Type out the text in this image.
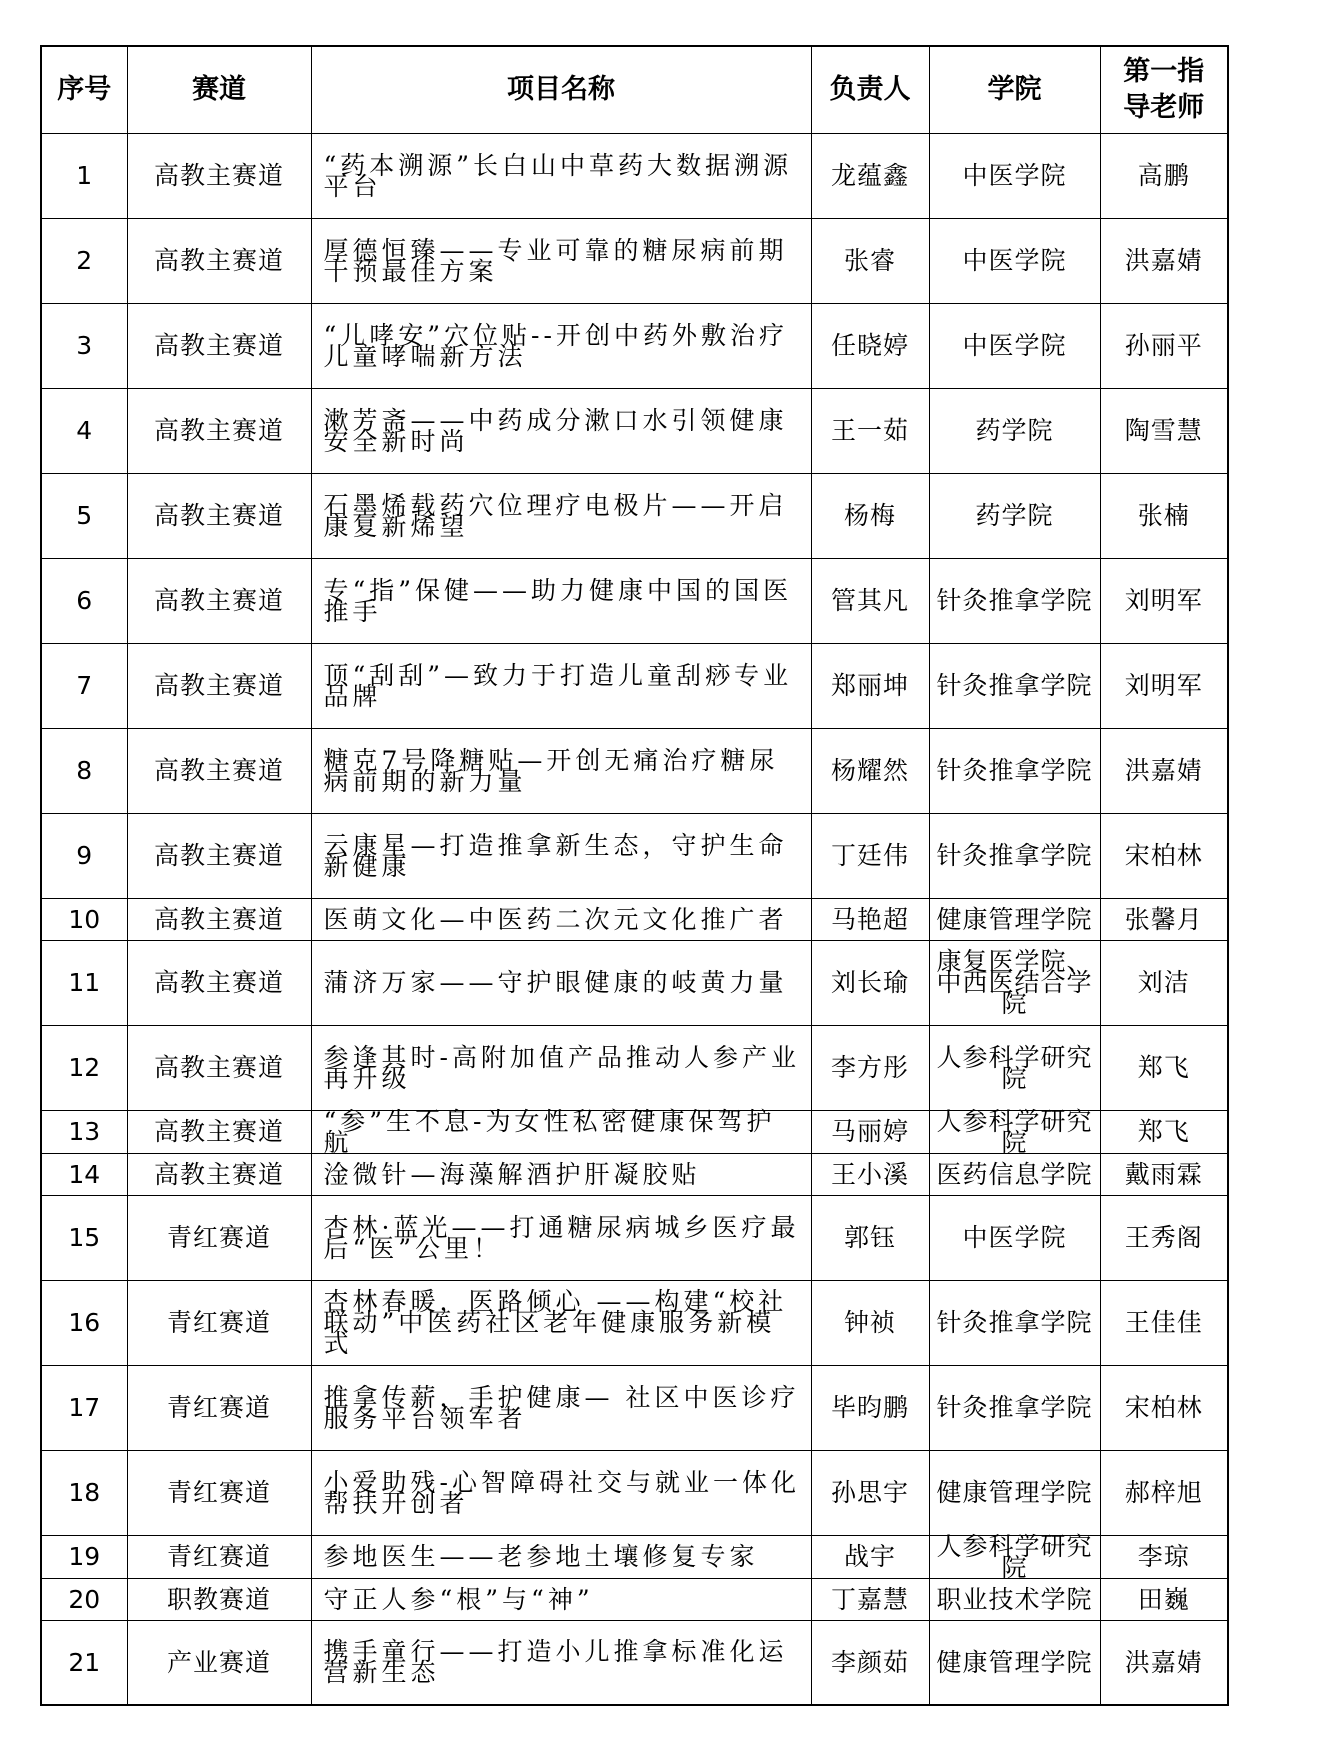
序号	赛道	项目名称	负责人	学院	第一指导老师
1	高教主赛道	“药本溯源”长白山中草药大数据溯源平台	龙蕴鑫	中医学院	高鹏
2	高教主赛道	厚德恒臻——专业可靠的糖尿病前期干预最佳方案	张睿	中医学院	洪嘉婧
3	高教主赛道	“儿哮安”穴位贴--开创中药外敷治疗儿童哮喘新方法	任晓婷	中医学院	孙丽平
4	高教主赛道	漱芳斋——中药成分漱口水引领健康安全新时尚	王一茹	药学院	陶雪慧
5	高教主赛道	石墨烯载药穴位理疗电极片——开启康复新烯望	杨梅	药学院	张楠
6	高教主赛道	专“指”保健——助力健康中国的国医推手	管其凡	针灸推拿学院	刘明军
7	高教主赛道	顶“刮刮”—致力于打造儿童刮痧专业品牌	郑丽坤	针灸推拿学院	刘明军
8	高教主赛道	糖克7号降糖贴—开创无痛治疗糖尿病前期的新力量	杨耀然	针灸推拿学院	洪嘉婧
9	高教主赛道	云康星—打造推拿新生态，守护生命新健康	丁廷伟	针灸推拿学院	宋柏林
10	高教主赛道	医萌文化—中医药二次元文化推广者	马艳超	健康管理学院	张馨月
11	高教主赛道	蒲济万家——守护眼健康的岐黄力量	刘长瑜	康复医学院、中西医结合学院	刘洁
12	高教主赛道	参逢其时-高附加值产品推动人参产业再升级	李方彤	人参科学研究院	郑飞
13	高教主赛道	“参”生不息-为女性私密健康保驾护航	马丽婷	人参科学研究院	郑飞
14	高教主赛道	淦微针—海藻解酒护肝凝胶贴	王小溪	医药信息学院	戴雨霖
15	青红赛道	杏林·蓝光——打通糖尿病城乡医疗最后“医”公里！	郭钰	中医学院	王秀阁
16	青红赛道	杏林春暖，医路倾心 ——构建“校社联动”中医药社区老年健康服务新模式	钟祯	针灸推拿学院	王佳佳
17	青红赛道	推拿传薪，手护健康— 社区中医诊疗服务平台领军者	毕昀鹏	针灸推拿学院	宋柏林
18	青红赛道	小爱助残-心智障碍社交与就业一体化帮扶开创者	孙思宇	健康管理学院	郝梓旭
19	青红赛道	参地医生——老参地土壤修复专家	战宇	人参科学研究院	李琼
20	职教赛道	守正人参“根”与“神”	丁嘉慧	职业技术学院	田巍
21	产业赛道	携手童行——打造小儿推拿标准化运营新生态	李颜茹	健康管理学院	洪嘉婧
